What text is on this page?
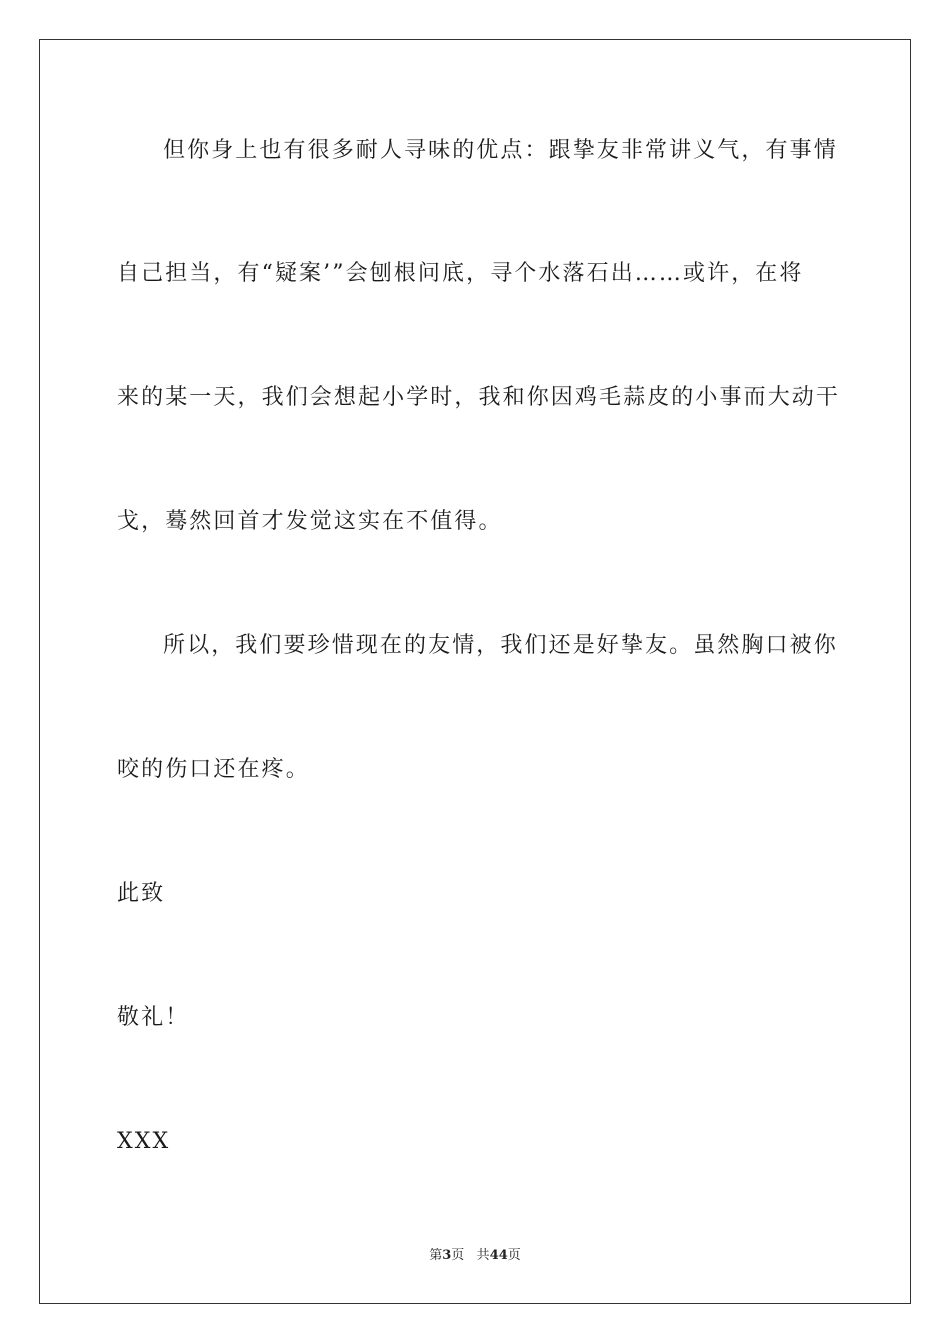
但你身上也有很多耐人寻味的优点：跟挚友非常讲义气，有事情
自己担当，有“疑案’”会刨根问底，寻个水落石出……或许，在将
来的某一天，我们会想起小学时，我和你因鸡毛蒜皮的小事而大动干
戈，蓦然回首才发觉这实在不值得。
所以，我们要珍惜现在的友情，我们还是好挚友。虽然胸口被你
咬的伤口还在疼。
此致
敬礼！
XXX
第3页 共44页
